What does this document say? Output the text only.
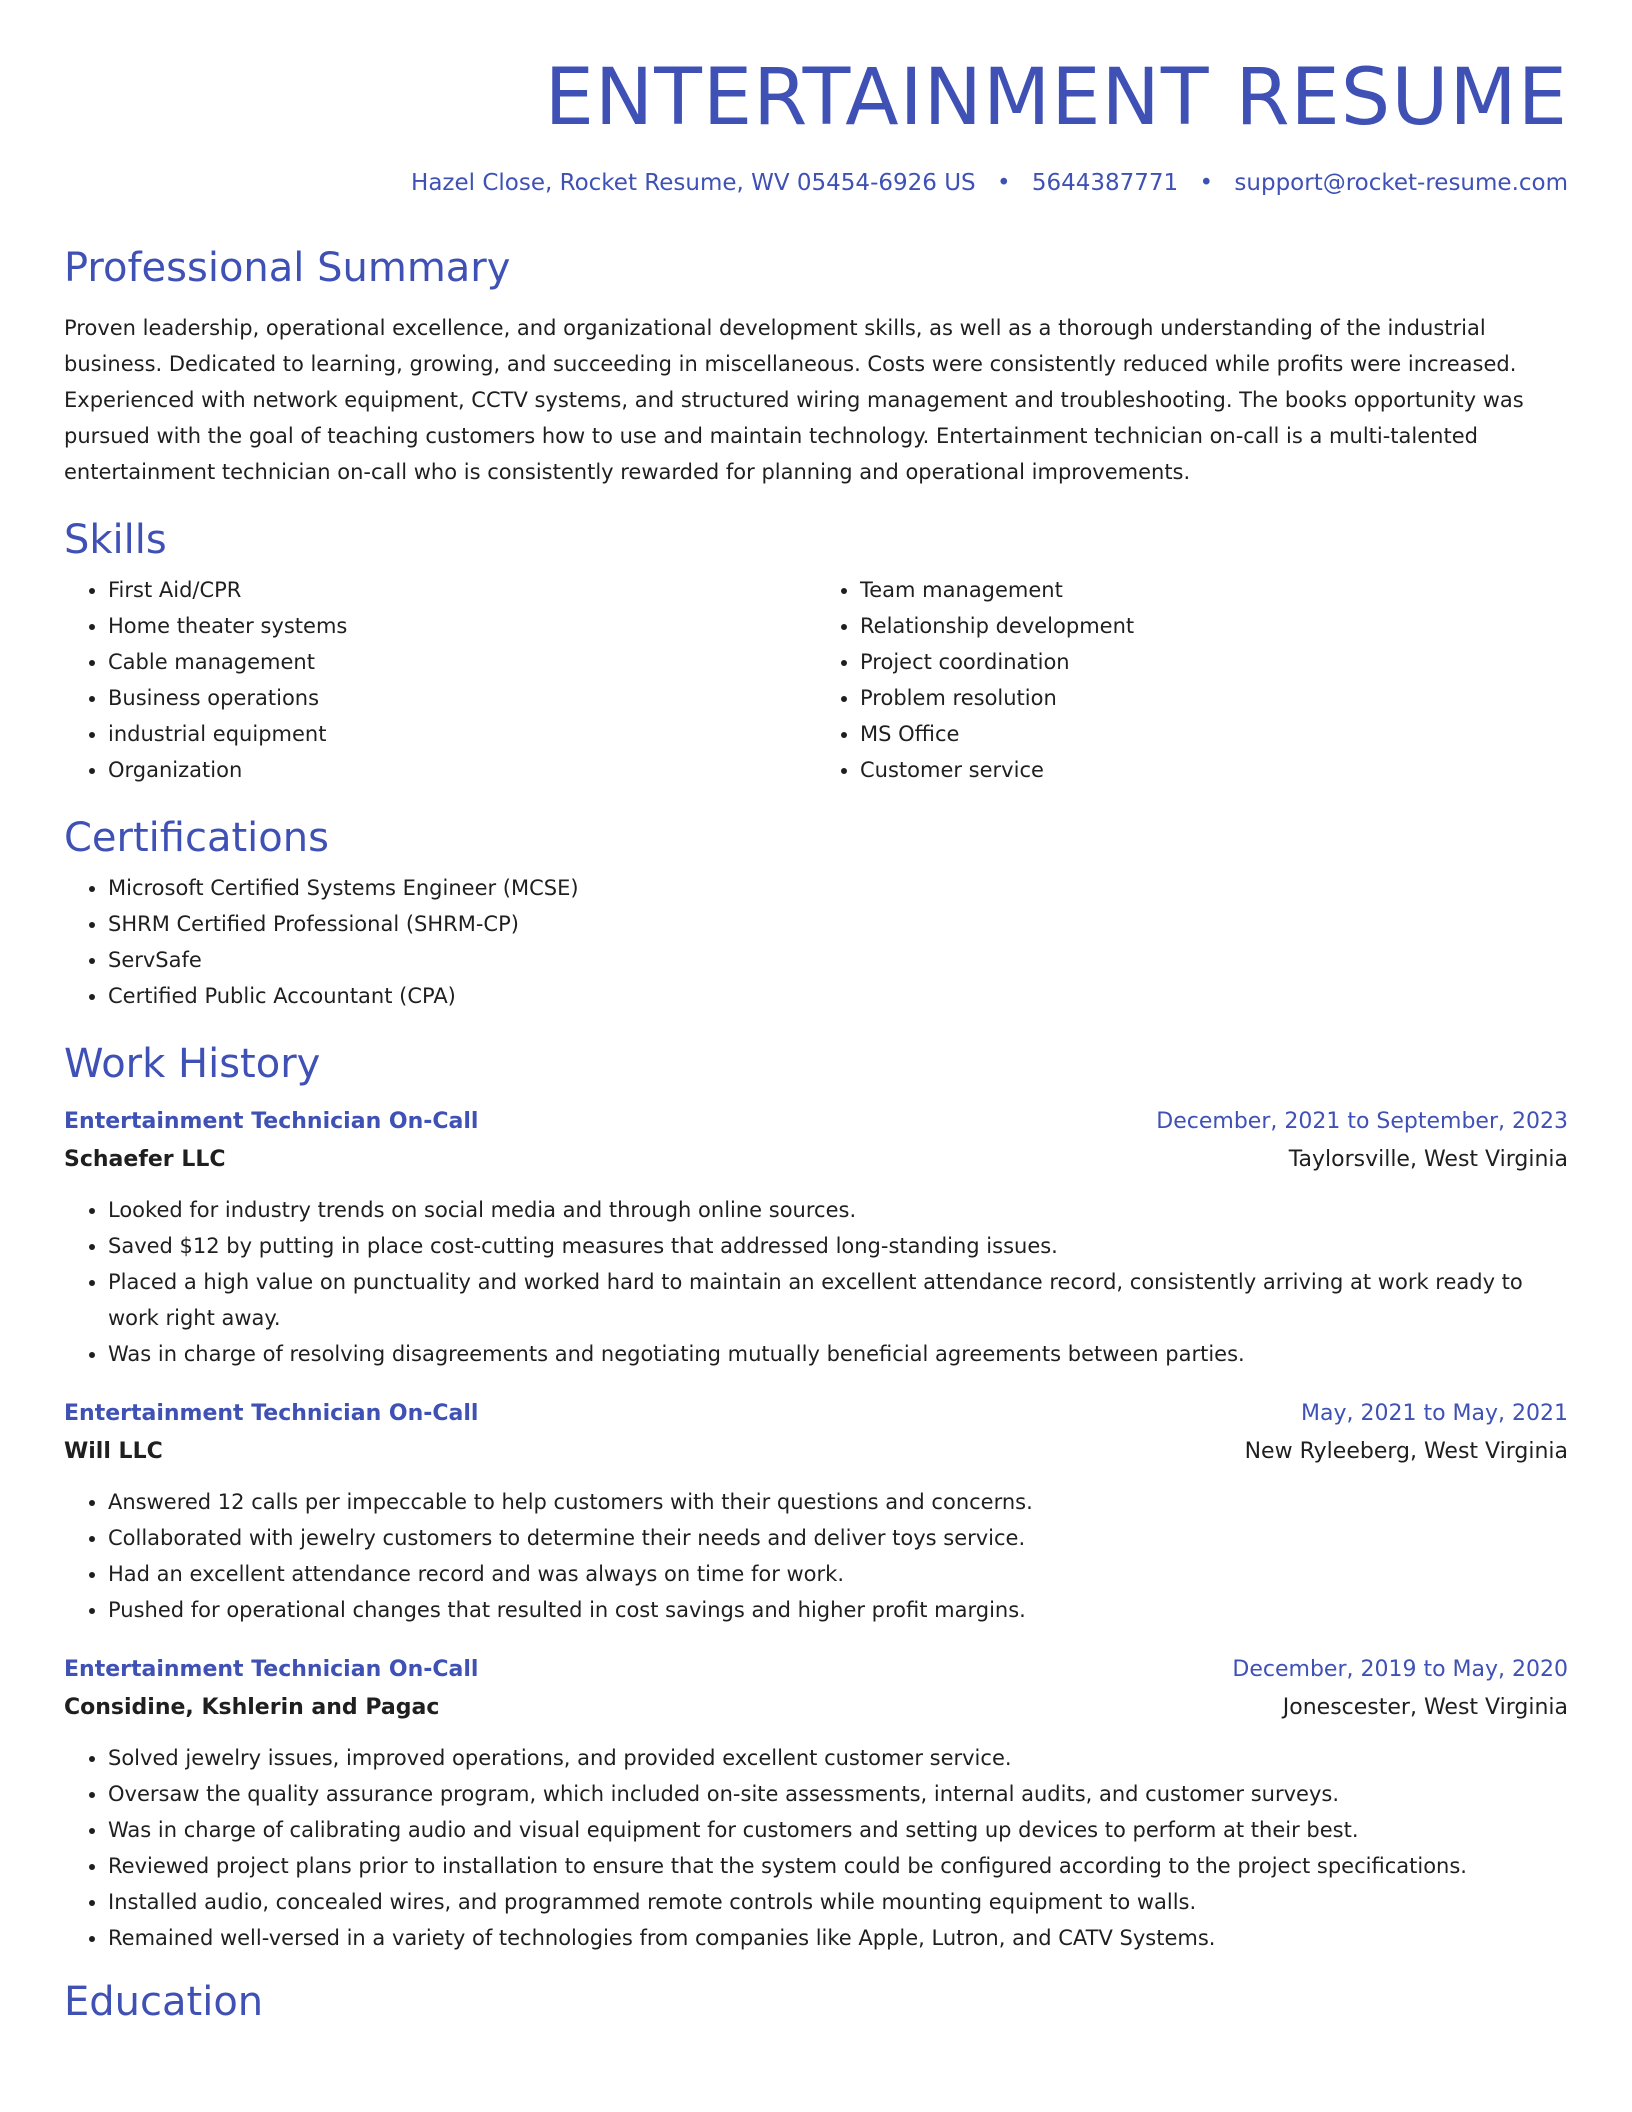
ENTERTAINMENT RESUME
Hazel Close, Rocket Resume, WV 05454-6926 US • 5644387771 • support@rocket-resume.com
Professional Summary
Proven leadership, operational excellence, and organizational development skills, as well as a thorough understanding of the industrial business. Dedicated to learning, growing, and succeeding in miscellaneous. Costs were consistently reduced while profits were increased. Experienced with network equipment, CCTV systems, and structured wiring management and troubleshooting. The books opportunity was pursued with the goal of teaching customers how to use and maintain technology. Entertainment technician on-call is a multi-talented entertainment technician on-call who is consistently rewarded for planning and operational improvements.
Skills
• First Aid/CPR
• Home theater systems
• Cable management
• Business operations
• industrial equipment
• Organization
• Team management
• Relationship development
• Project coordination
• Problem resolution
• MS Office
• Customer service
Certifications
• Microsoft Certified Systems Engineer (MCSE)
• SHRM Certified Professional (SHRM-CP)
• ServSafe
• Certified Public Accountant (CPA)
Work History
Entertainment Technician On-Call	December, 2021 to September, 2023
Schaefer LLC	Taylorsville, West Virginia
• Looked for industry trends on social media and through online sources.
• Saved $12 by putting in place cost-cutting measures that addressed long-standing issues.
• Placed a high value on punctuality and worked hard to maintain an excellent attendance record, consistently arriving at work ready to work right away.
• Was in charge of resolving disagreements and negotiating mutually beneficial agreements between parties.
Entertainment Technician On-Call	May, 2021 to May, 2021
Will LLC	New Ryleeberg, West Virginia
• Answered 12 calls per impeccable to help customers with their questions and concerns.
• Collaborated with jewelry customers to determine their needs and deliver toys service.
• Had an excellent attendance record and was always on time for work.
• Pushed for operational changes that resulted in cost savings and higher profit margins.
Entertainment Technician On-Call	December, 2019 to May, 2020
Considine, Kshlerin and Pagac	Jonescester, West Virginia
• Solved jewelry issues, improved operations, and provided excellent customer service.
• Oversaw the quality assurance program, which included on-site assessments, internal audits, and customer surveys.
• Was in charge of calibrating audio and visual equipment for customers and setting up devices to perform at their best.
• Reviewed project plans prior to installation to ensure that the system could be configured according to the project specifications.
• Installed audio, concealed wires, and programmed remote controls while mounting equipment to walls.
• Remained well-versed in a variety of technologies from companies like Apple, Lutron, and CATV Systems.
Education
